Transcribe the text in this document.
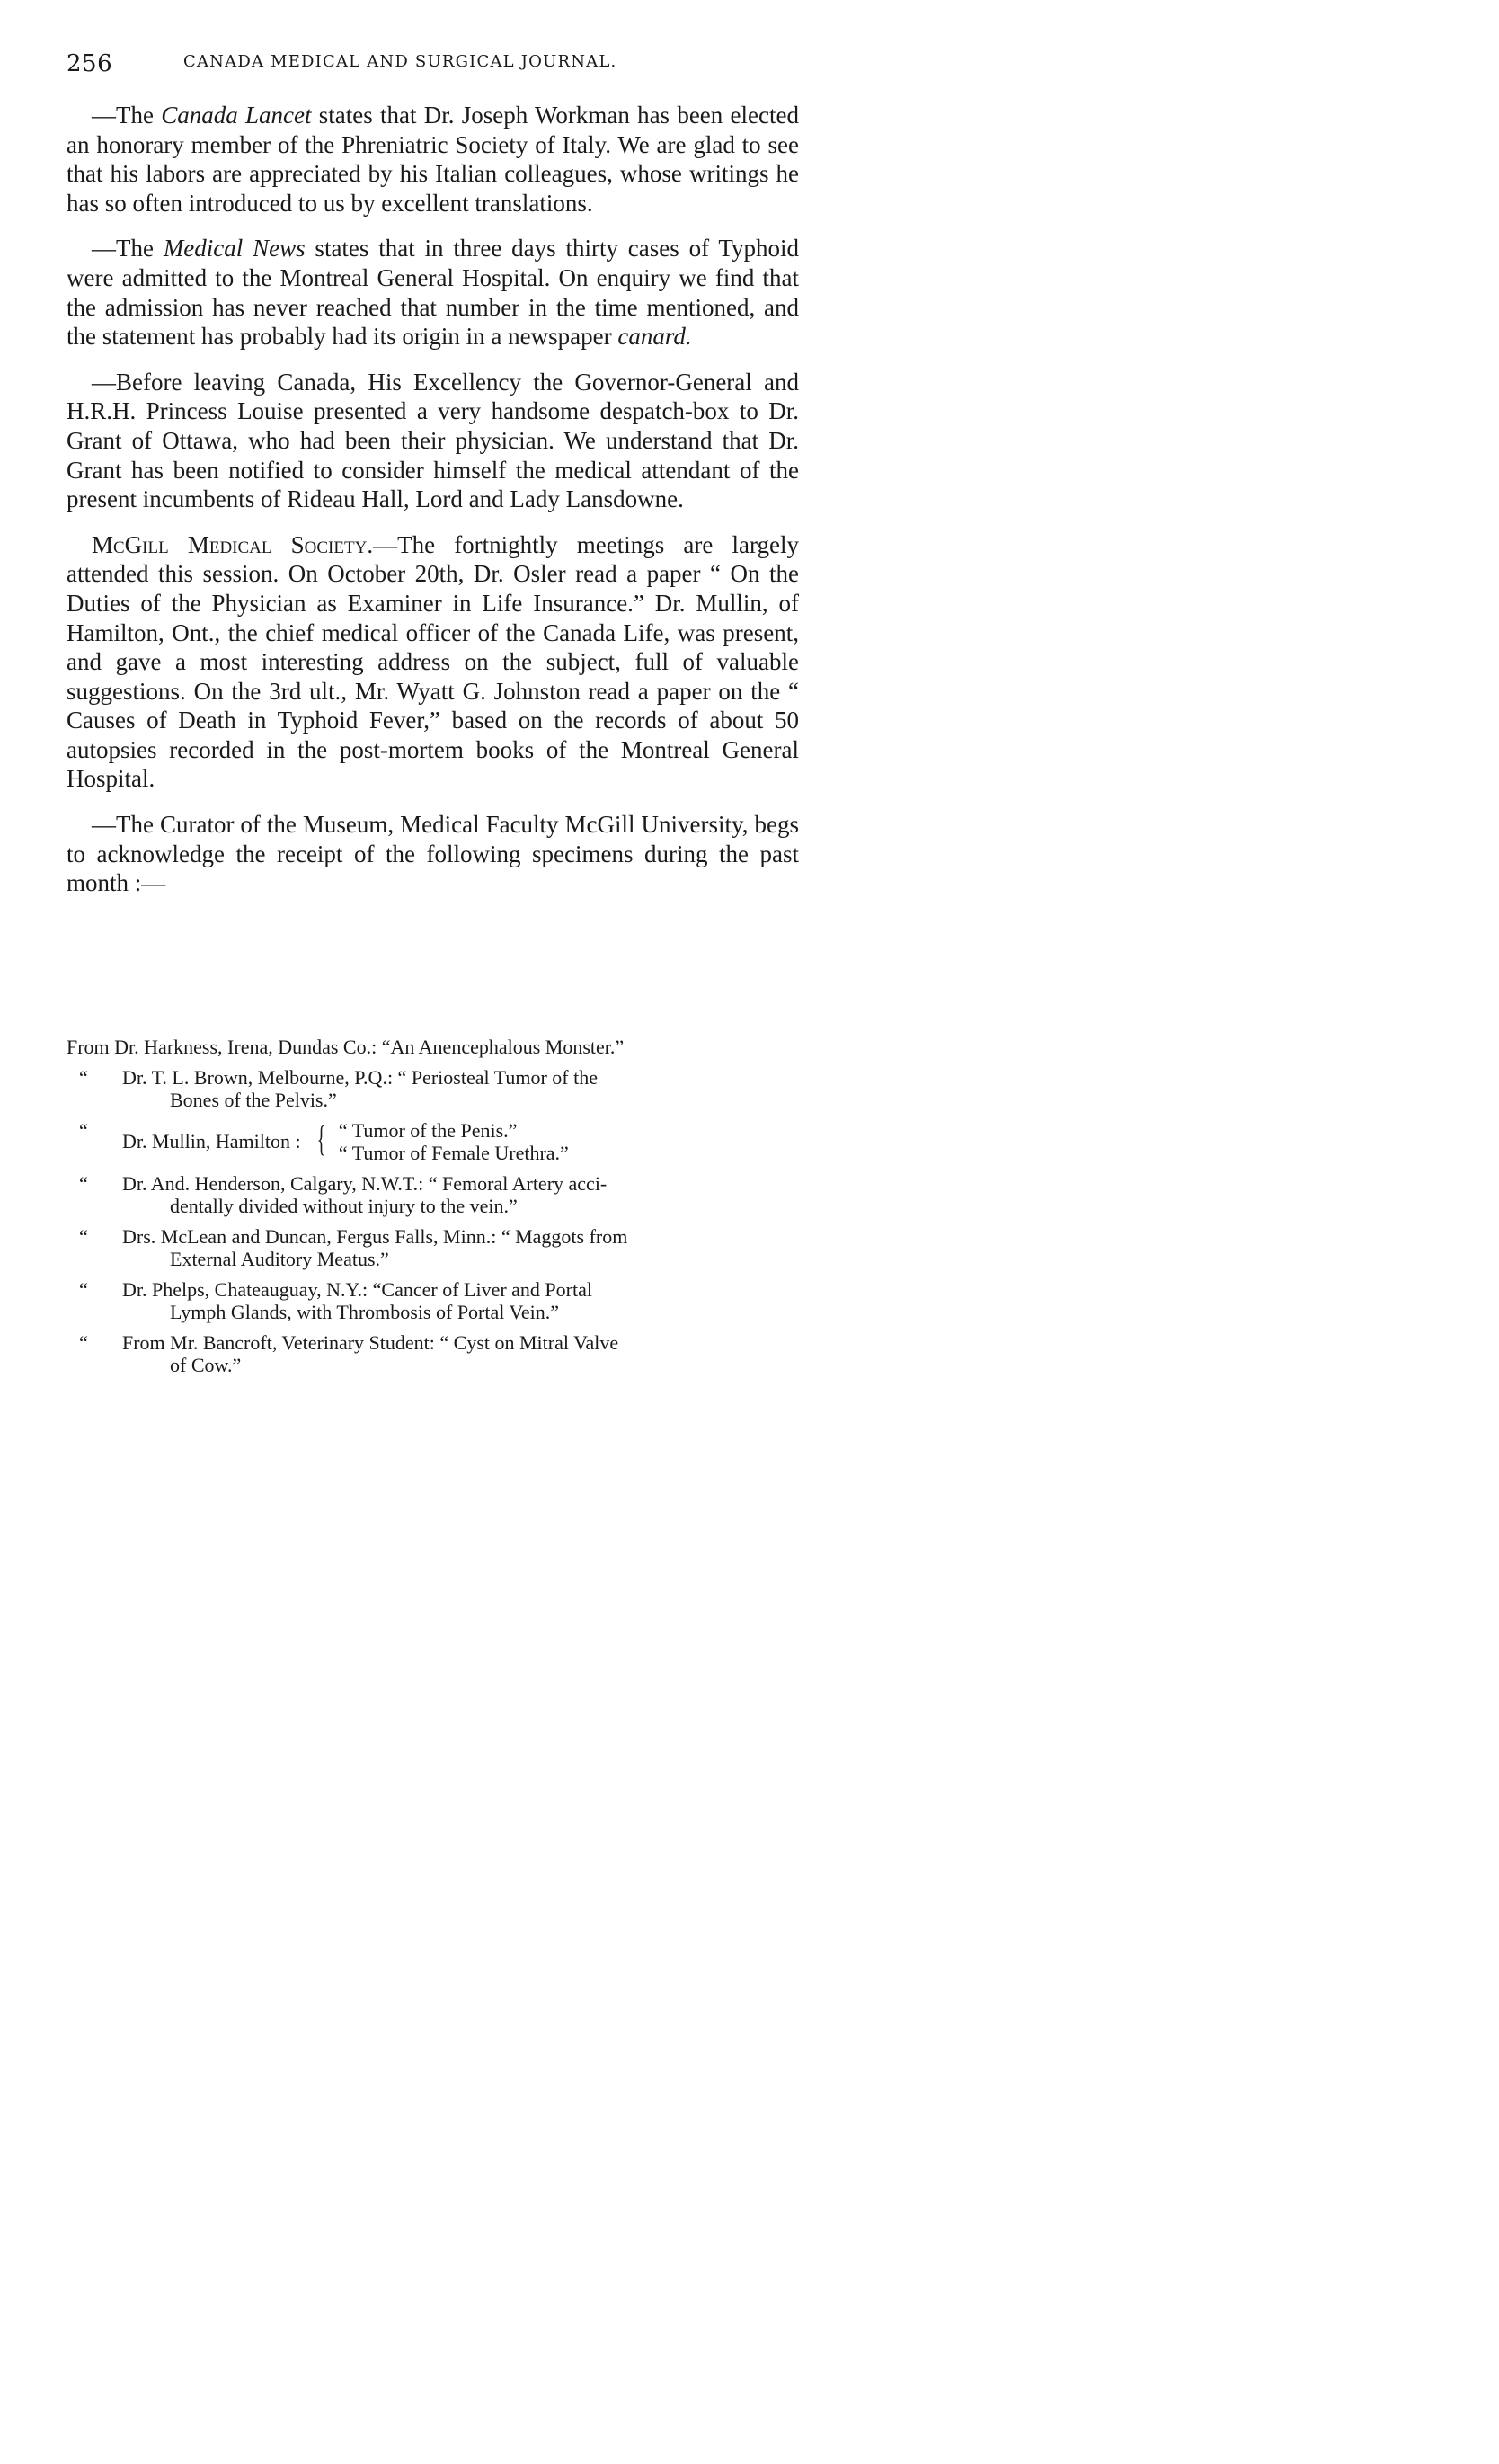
256	CANADA MEDICAL AND SURGICAL JOURNAL.

—The Canada Lancet states that Dr. Joseph Workman has been elected an honorary member of the Phreniatric Society of Italy. We are glad to see that his labors are appreciated by his Italian colleagues, whose writings he has so often introduced to us by excellent translations.

—The Medical News states that in three days thirty cases of Typhoid were admitted to the Montreal General Hospital. On enquiry we find that the admission has never reached that number in the time mentioned, and the statement has probably had its origin in a newspaper canard.

—Before leaving Canada, His Excellency the Governor-General and H.R.H. Princess Louise presented a very handsome despatch-box to Dr. Grant of Ottawa, who had been their physician. We understand that Dr. Grant has been notified to consider himself the medical attendant of the present incumbents of Rideau Hall, Lord and Lady Lansdowne.

McGill Medical Society.—The fortnightly meetings are largely attended this session. On October 20th, Dr. Osler read a paper “ On the Duties of the Physician as Examiner in Life Insurance.” Dr. Mullin, of Hamilton, Ont., the chief medical officer of the Canada Life, was present, and gave a most interesting address on the subject, full of valuable suggestions. On the 3rd ult., Mr. Wyatt G. Johnston read a paper on the “ Causes of Death in Typhoid Fever,” based on the records of about 50 autopsies recorded in the post-mortem books of the Montreal General Hospital.

—The Curator of the Museum, Medical Faculty McGill University, begs to acknowledge the receipt of the following specimens during the past month :—

From Dr. Harkness, Irena, Dundas Co.: “An Anencephalous Monster.”
“	Dr. T. L. Brown, Melbourne, P.Q.: “ Periosteal Tumor of the
Bones of the Pelvis.”
“	Dr. Mullin, Hamilton : { “ Tumor of the Penis.”
“ Tumor of Female Urethra.”
“	Dr. And. Henderson, Calgary, N.W.T.: “ Femoral Artery acci-
dentally divided without injury to the vein.”
“	Drs. McLean and Duncan, Fergus Falls, Minn.: “ Maggots from
External Auditory Meatus.”
“	Dr. Phelps, Chateauguay, N.Y.: “Cancer of Liver and Portal
Lymph Glands, with Thrombosis of Portal Vein.”
“	From Mr. Bancroft, Veterinary Student: “ Cyst on Mitral Valve
of Cow.”
